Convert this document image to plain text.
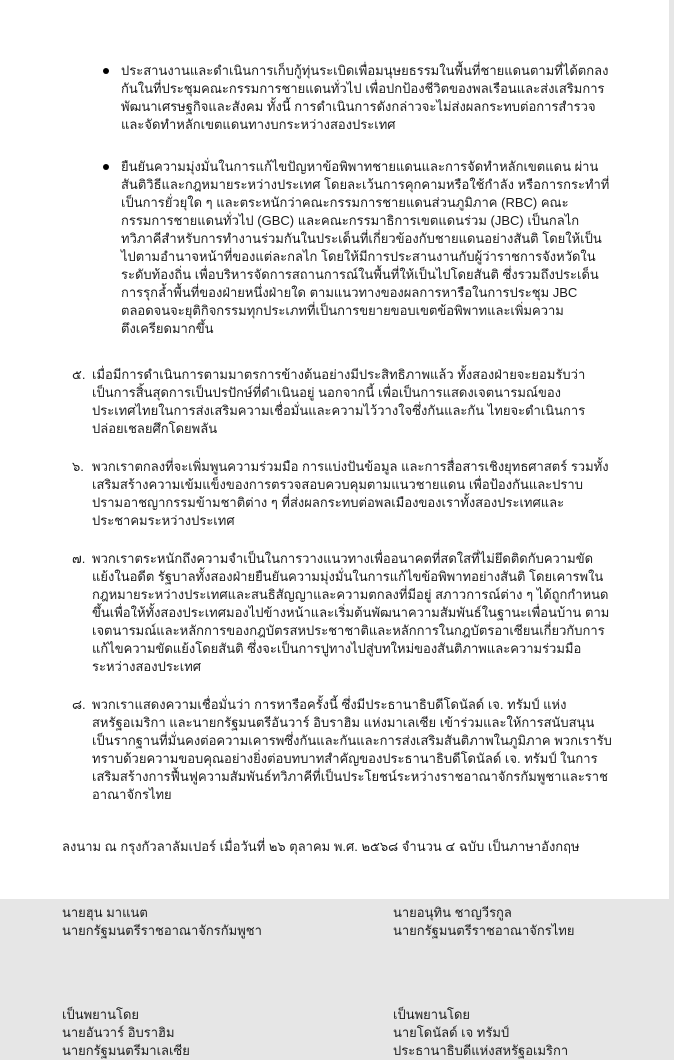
ประสานงานและดำเนินการเก็บกู้ทุ่นระเบิดเพื่อมนุษยธรรมในพื้นที่ชายแดนตามที่ได้ตกลงกันในที่ประชุมคณะกรรมการชายแดนทั่วไป เพื่อปกป้องชีวิตของพลเรือนและส่งเสริมการพัฒนาเศรษฐกิจและสังคม ทั้งนี้ การดำเนินการดังกล่าวจะไม่ส่งผลกระทบต่อการสำรวจและจัดทำหลักเขตแดนทางบกระหว่างสองประเทศ
ยืนยันความมุ่งมั่นในการแก้ไขปัญหาข้อพิพาทชายแดนและการจัดทำหลักเขตแดน ผ่านสันติวิธีและกฎหมายระหว่างประเทศ โดยละเว้นการคุกคามหรือใช้กำลัง หรือการกระทำที่เป็นการยั่วยุใด ๆ และตระหนักว่าคณะกรรมการชายแดนส่วนภูมิภาค (RBC) คณะกรรมการชายแดนทั่วไป (GBC) และคณะกรรมาธิการเขตแดนร่วม (JBC) เป็นกลไกทวิภาคีสำหรับการทำงานร่วมกันในประเด็นที่เกี่ยวข้องกับชายแดนอย่างสันติ โดยให้เป็นไปตามอำนาจหน้าที่ของแต่ละกลไก โดยให้มีการประสานงานกับผู้ว่าราชการจังหวัดในระดับท้องถิ่น เพื่อบริหารจัดการสถานการณ์ในพื้นที่ให้เป็นไปโดยสันติ ซึ่งรวมถึงประเด็นการรุกล้ำพื้นที่ของฝ่ายหนึ่งฝ่ายใด ตามแนวทางของผลการหารือในการประชุม JBC ตลอดจนจะยุติกิจกรรมทุกประเภทที่เป็นการขยายขอบเขตข้อพิพาทและเพิ่มความตึงเครียดมากขึ้น
๕. เมื่อมีการดำเนินการตามมาตรการข้างต้นอย่างมีประสิทธิภาพแล้ว ทั้งสองฝ่ายจะยอมรับว่าเป็นการสิ้นสุดการเป็นปรปักษ์ที่ดำเนินอยู่ นอกจากนี้ เพื่อเป็นการแสดงเจตนารมณ์ของประเทศไทยในการส่งเสริมความเชื่อมั่นและความไว้วางใจซึ่งกันและกัน ไทยจะดำเนินการปล่อยเชลยศึกโดยพลัน
๖. พวกเราตกลงที่จะเพิ่มพูนความร่วมมือ การแบ่งปันข้อมูล และการสื่อสารเชิงยุทธศาสตร์ รวมทั้งเสริมสร้างความเข้มแข็งของการตรวจสอบควบคุมตามแนวชายแดน เพื่อป้องกันและปราบปรามอาชญากรรมข้ามชาติต่าง ๆ ที่ส่งผลกระทบต่อพลเมืองของเราทั้งสองประเทศและประชาคมระหว่างประเทศ
๗. พวกเราตระหนักถึงความจำเป็นในการวางแนวทางเพื่ออนาคตที่สดใสที่ไม่ยึดติดกับความขัดแย้งในอดีต รัฐบาลทั้งสองฝ่ายยืนยันความมุ่งมั่นในการแก้ไขข้อพิพาทอย่างสันติ โดยเคารพในกฎหมายระหว่างประเทศและสนธิสัญญาและความตกลงที่มีอยู่ สภาวการณ์ต่าง ๆ ได้ถูกกำหนดขึ้นเพื่อให้ทั้งสองประเทศมองไปข้างหน้าและเริ่มต้นพัฒนาความสัมพันธ์ในฐานะเพื่อนบ้าน ตามเจตนารมณ์และหลักการของกฎบัตรสหประชาชาติและหลักการในกฎบัตรอาเซียนเกี่ยวกับการแก้ไขความขัดแย้งโดยสันติ ซึ่งจะเป็นการปูทางไปสู่บทใหม่ของสันติภาพและความร่วมมือระหว่างสองประเทศ
๘. พวกเราแสดงความเชื่อมั่นว่า การหารือครั้งนี้ ซึ่งมีประธานาธิบดีโดนัลด์ เจ. ทรัมป์ แห่งสหรัฐอเมริกา และนายกรัฐมนตรีอันวาร์ อิบราฮิม แห่งมาเลเซีย เข้าร่วมและให้การสนับสนุน เป็นรากฐานที่มั่นคงต่อความเคารพซึ่งกันและกันและการส่งเสริมสันติภาพในภูมิภาค พวกเรารับทราบด้วยความขอบคุณอย่างยิ่งต่อบทบาทสำคัญของประธานาธิบดีโดนัลด์ เจ. ทรัมป์ ในการเสริมสร้างการฟื้นฟูความสัมพันธ์ทวิภาคีที่เป็นประโยชน์ระหว่างราชอาณาจักรกัมพูชาและราชอาณาจักรไทย

ลงนาม ณ กรุงกัวลาลัมเปอร์ เมื่อวันที่ ๒๖ ตุลาคม พ.ศ. ๒๕๖๘ จำนวน ๔ ฉบับ เป็นภาษาอังกฤษ

นายฮุน มาแนต
นายกรัฐมนตรีราชอาณาจักรกัมพูชา
นายอนุทิน ชาญวีรกูล
นายกรัฐมนตรีราชอาณาจักรไทย
เป็นพยานโดย
นายอันวาร์ อิบราฮิม
นายกรัฐมนตรีมาเลเซีย
เป็นพยานโดย
นายโดนัลด์ เจ ทรัมป์
ประธานาธิบดีแห่งสหรัฐอเมริกา
